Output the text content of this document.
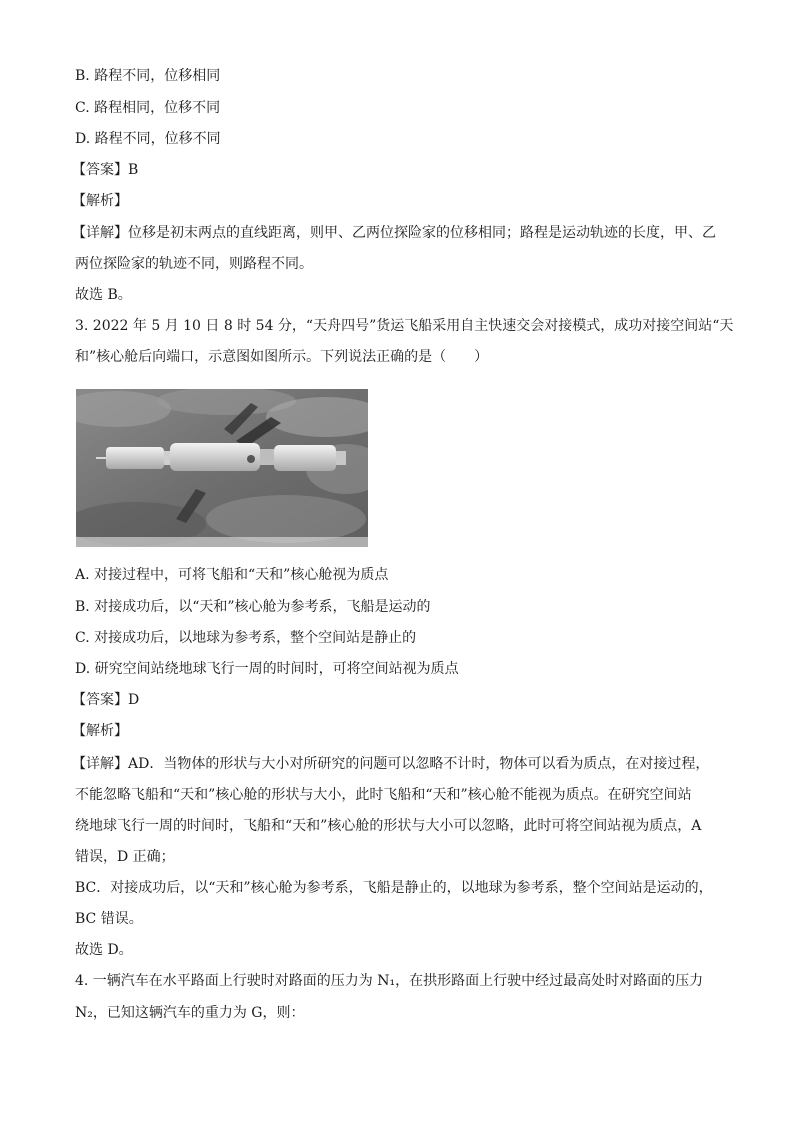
B. 路程不同，位移相同
C. 路程相同，位移不同
D. 路程不同，位移不同
【答案】B
【解析】
【详解】位移是初末两点的直线距离，则甲、乙两位探险家的位移相同；路程是运动轨迹的长度，甲、乙
两位探险家的轨迹不同，则路程不同。
故选 B。
3. 2022 年 5 月 10 日 8 时 54 分，“天舟四号”货运飞船采用自主快速交会对接模式，成功对接空间站“天
和”核心舱后向端口，示意图如图所示。下列说法正确的是（　　）
A. 对接过程中，可将飞船和“天和”核心舱视为质点
B. 对接成功后，以“天和”核心舱为参考系，飞船是运动的
C. 对接成功后，以地球为参考系，整个空间站是静止的
D. 研究空间站绕地球飞行一周的时间时，可将空间站视为质点
【答案】D
【解析】
【详解】AD．当物体的形状与大小对所研究的问题可以忽略不计时，物体可以看为质点，在对接过程，
不能忽略飞船和“天和”核心舱的形状与大小，此时飞船和“天和”核心舱不能视为质点。在研究空间站
绕地球飞行一周的时间时，飞船和“天和”核心舱的形状与大小可以忽略，此时可将空间站视为质点，A
错误，D 正确；
BC．对接成功后，以“天和”核心舱为参考系，飞船是静止的，以地球为参考系，整个空间站是运动的，
BC 错误。
故选 D。
4. 一辆汽车在水平路面上行驶时对路面的压力为 N₁，在拱形路面上行驶中经过最高处时对路面的压力
N₂，已知这辆汽车的重力为 G，则：
